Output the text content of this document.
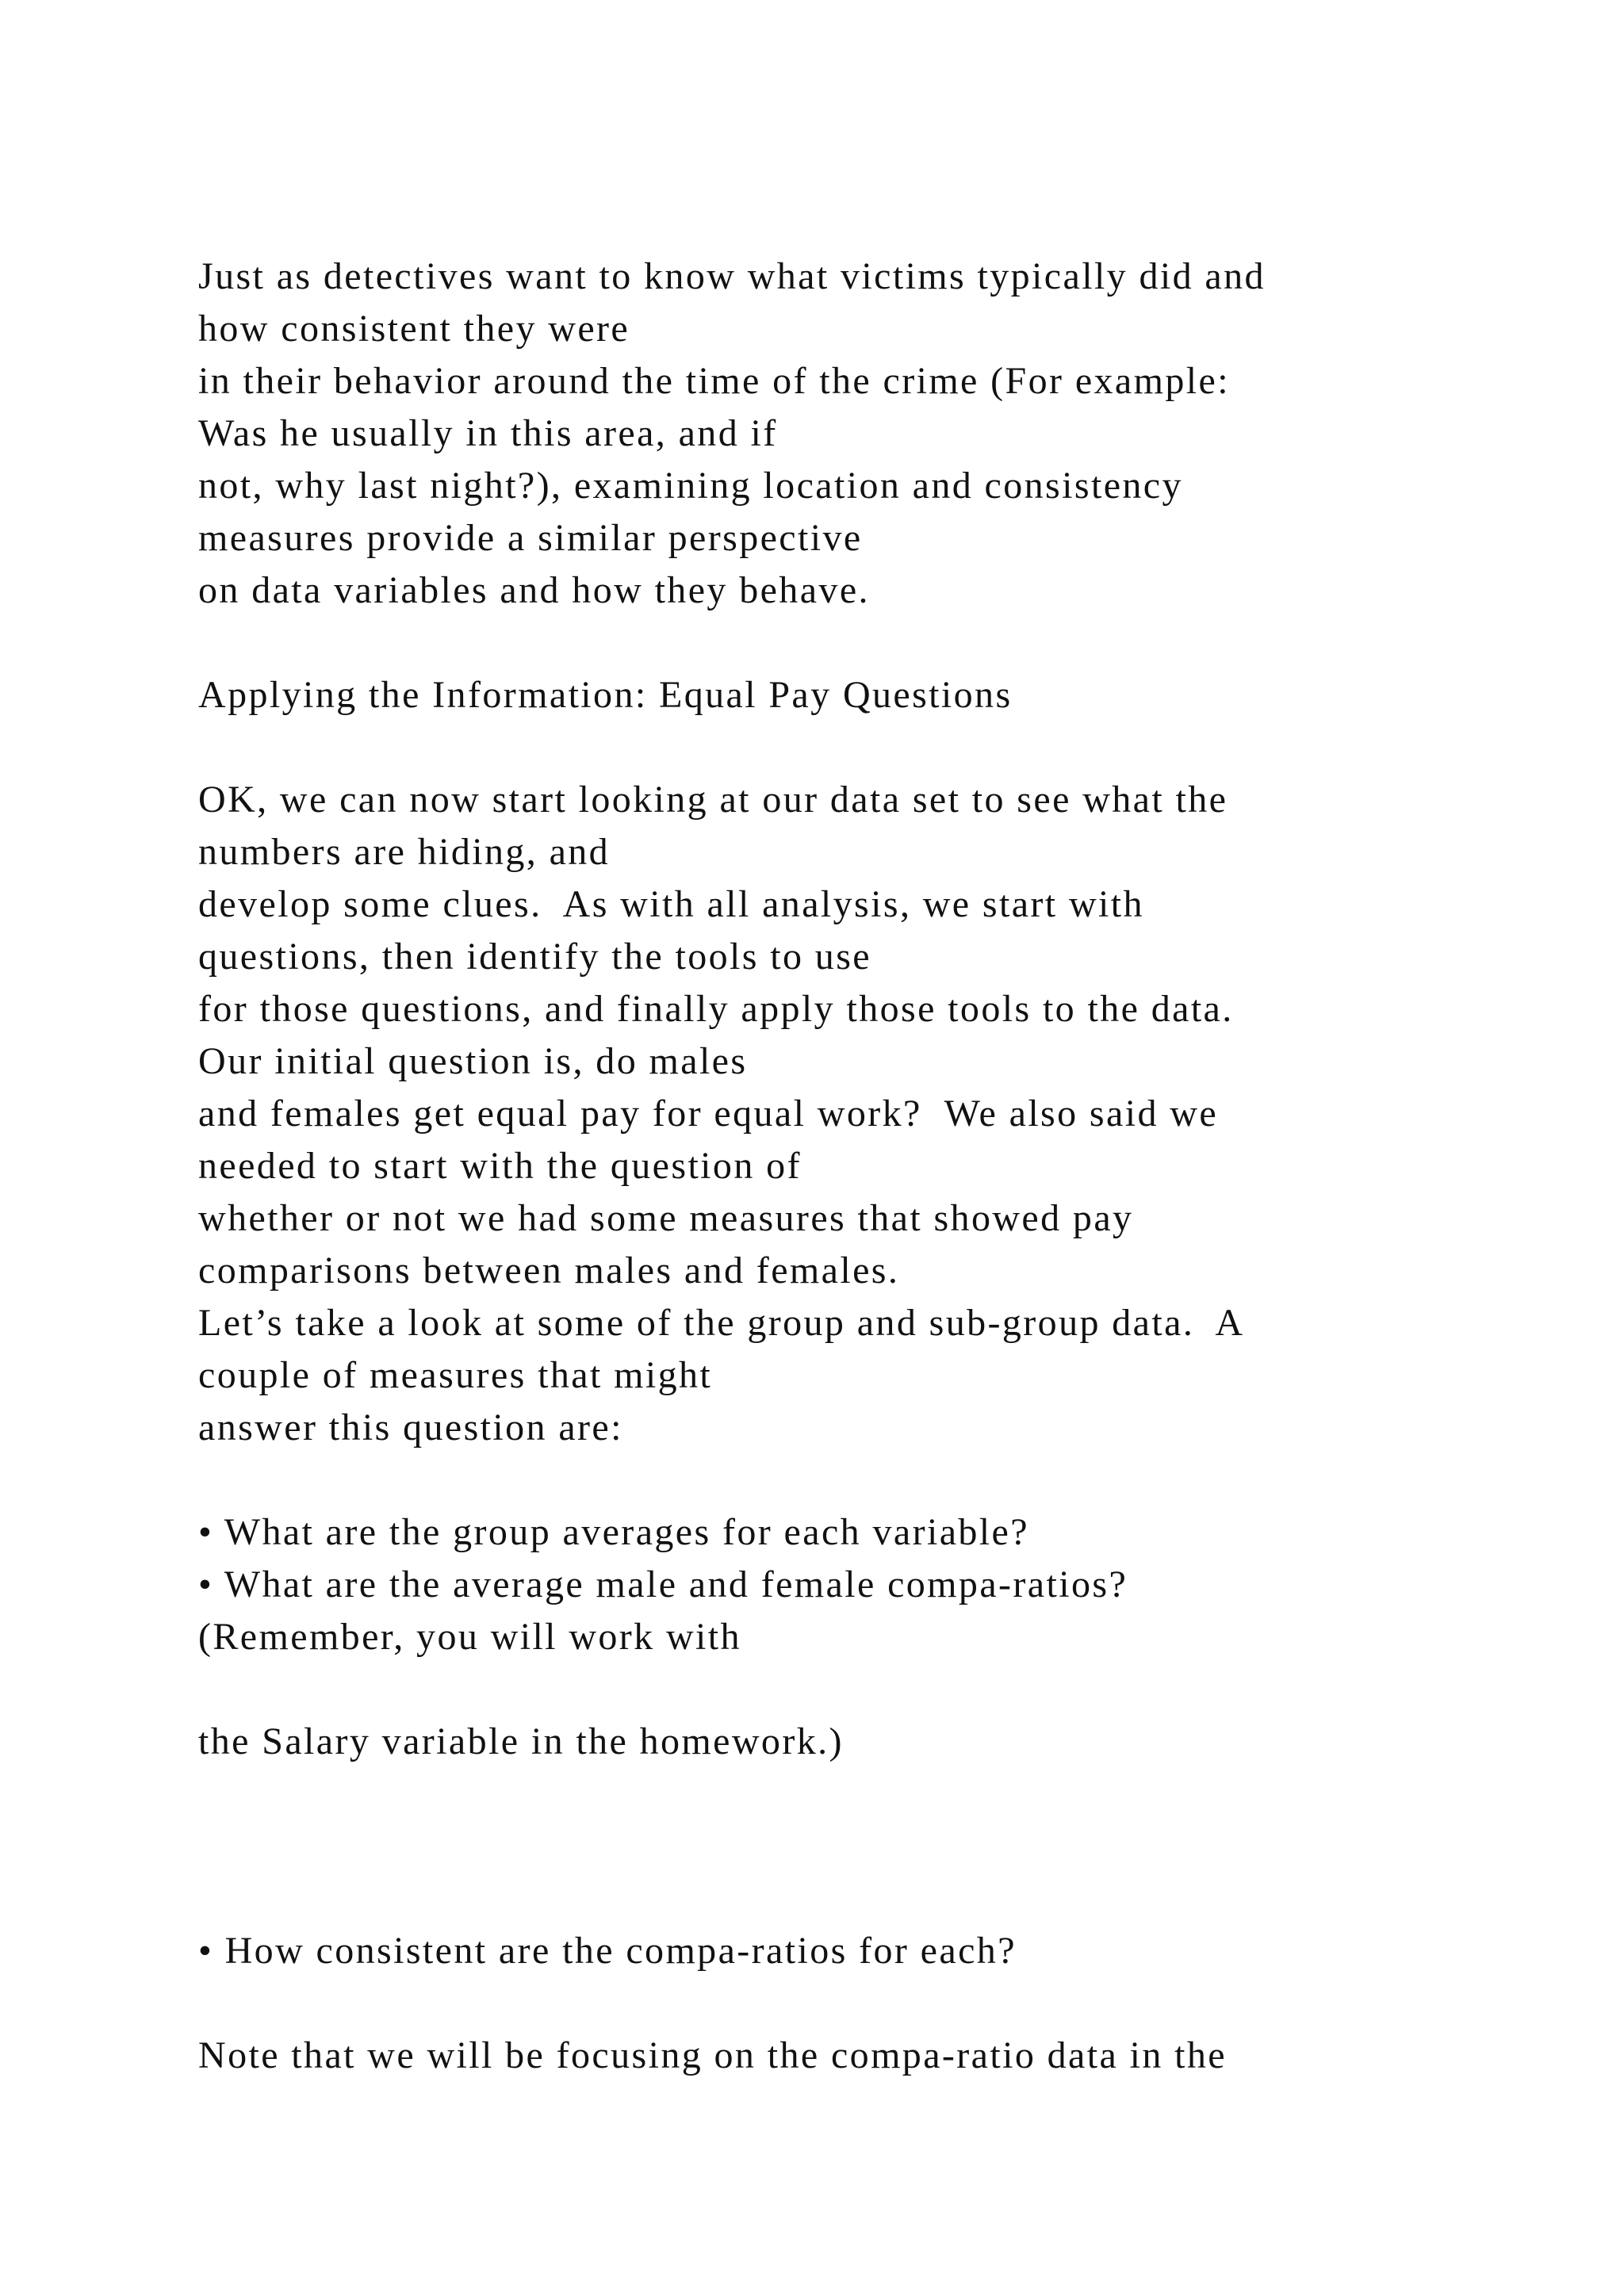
Just as detectives want to know what victims typically did and
how consistent they were
in their behavior around the time of the crime (For example:
Was he usually in this area, and if
not, why last night?), examining location and consistency
measures provide a similar perspective
on data variables and how they behave.
Applying the Information: Equal Pay Questions
OK, we can now start looking at our data set to see what the
numbers are hiding, and
develop some clues.  As with all analysis, we start with
questions, then identify the tools to use
for those questions, and finally apply those tools to the data.
Our initial question is, do males
and females get equal pay for equal work?  We also said we
needed to start with the question of
whether or not we had some measures that showed pay
comparisons between males and females.
Let’s take a look at some of the group and sub-group data.  A
couple of measures that might
answer this question are:
• What are the group averages for each variable?
• What are the average male and female compa-ratios?
(Remember, you will work with
the Salary variable in the homework.)
• How consistent are the compa-ratios for each?
Note that we will be focusing on the compa-ratio data in the
